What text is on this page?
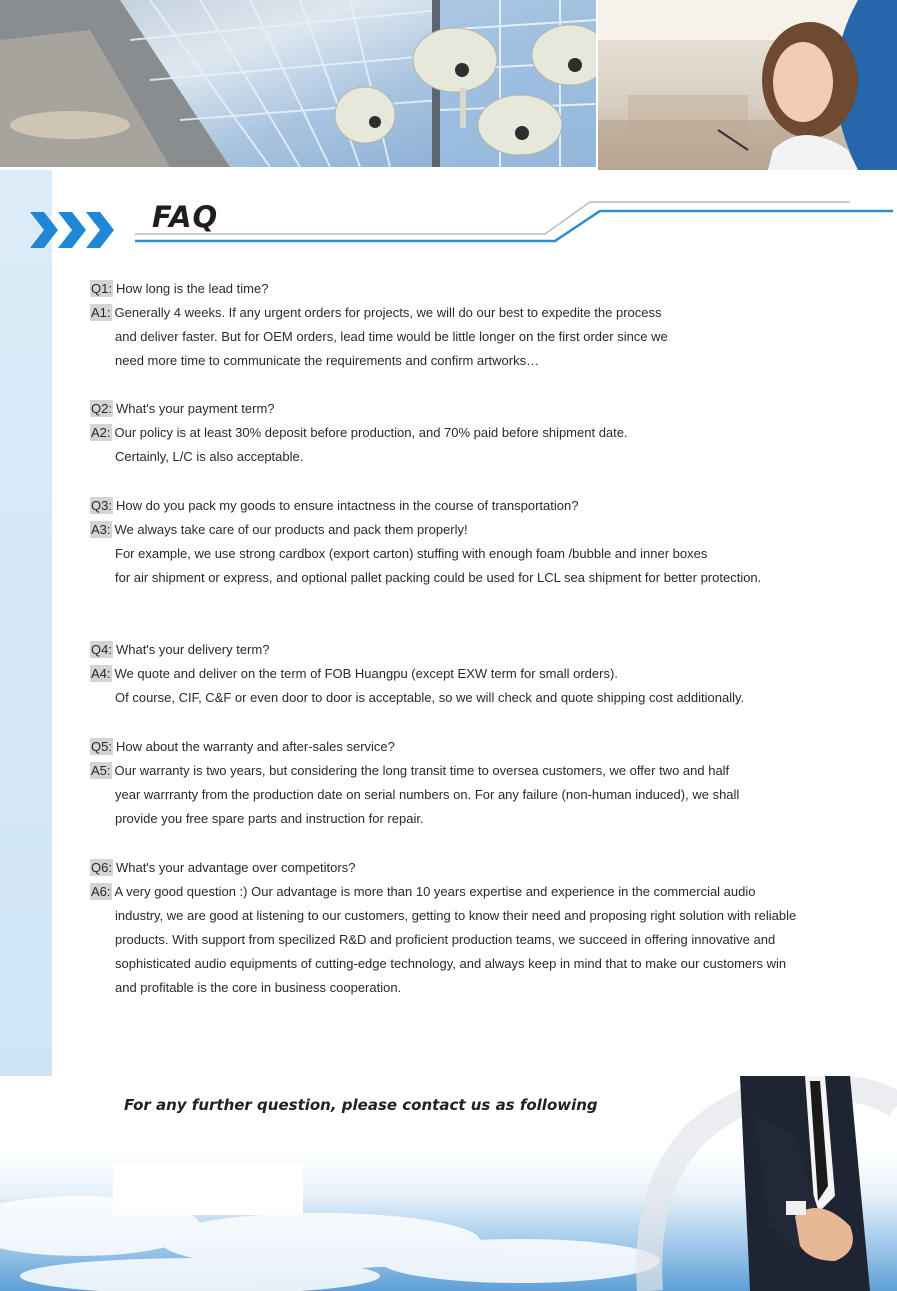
FAQ
Q1: How long is the lead time?
A1: Generally 4 weeks. If any urgent orders for projects, we will do our best to expedite the process
and deliver faster. But for OEM orders, lead time would be little longer on the first order since we
need more time to communicate the requirements and confirm artworks…
Q2: What's your payment term?
A2: Our policy is at least 30% deposit before production, and 70% paid before shipment date.
Certainly, L/C is also acceptable.
Q3: How do you pack my goods to ensure intactness in the course of transportation?
A3: We always take care of our products and pack them properly!
For example, we use strong cardbox (export carton) stuffing with enough foam /bubble and inner boxes
for air shipment or express, and optional pallet packing could be used for LCL sea shipment for better protection.
Q4: What's your delivery term?
A4: We quote and deliver on the term of FOB Huangpu (except EXW term for small orders).
Of course, CIF, C&F or even door to door is acceptable, so we will check and quote shipping cost additionally.
Q5: How about the warranty and after-sales service?
A5: Our warranty is two years, but considering the long transit time to oversea customers, we offer two and half
year warrranty from the production date on serial numbers on. For any failure (non-human induced), we shall
provide you free spare parts and instruction for repair.
Q6: What's your advantage over competitors?
A6: A very good question :) Our advantage is more than 10 years expertise and experience in the commercial audio
industry, we are good at listening to our customers, getting to know their need and proposing right solution with reliable
products. With support from specilized R&D and proficient production teams, we succeed in offering innovative and
sophisticated audio equipments of cutting-edge technology, and always keep in mind that to make our customers win
and profitable is the core in business cooperation.
For any further question, please contact us as following
